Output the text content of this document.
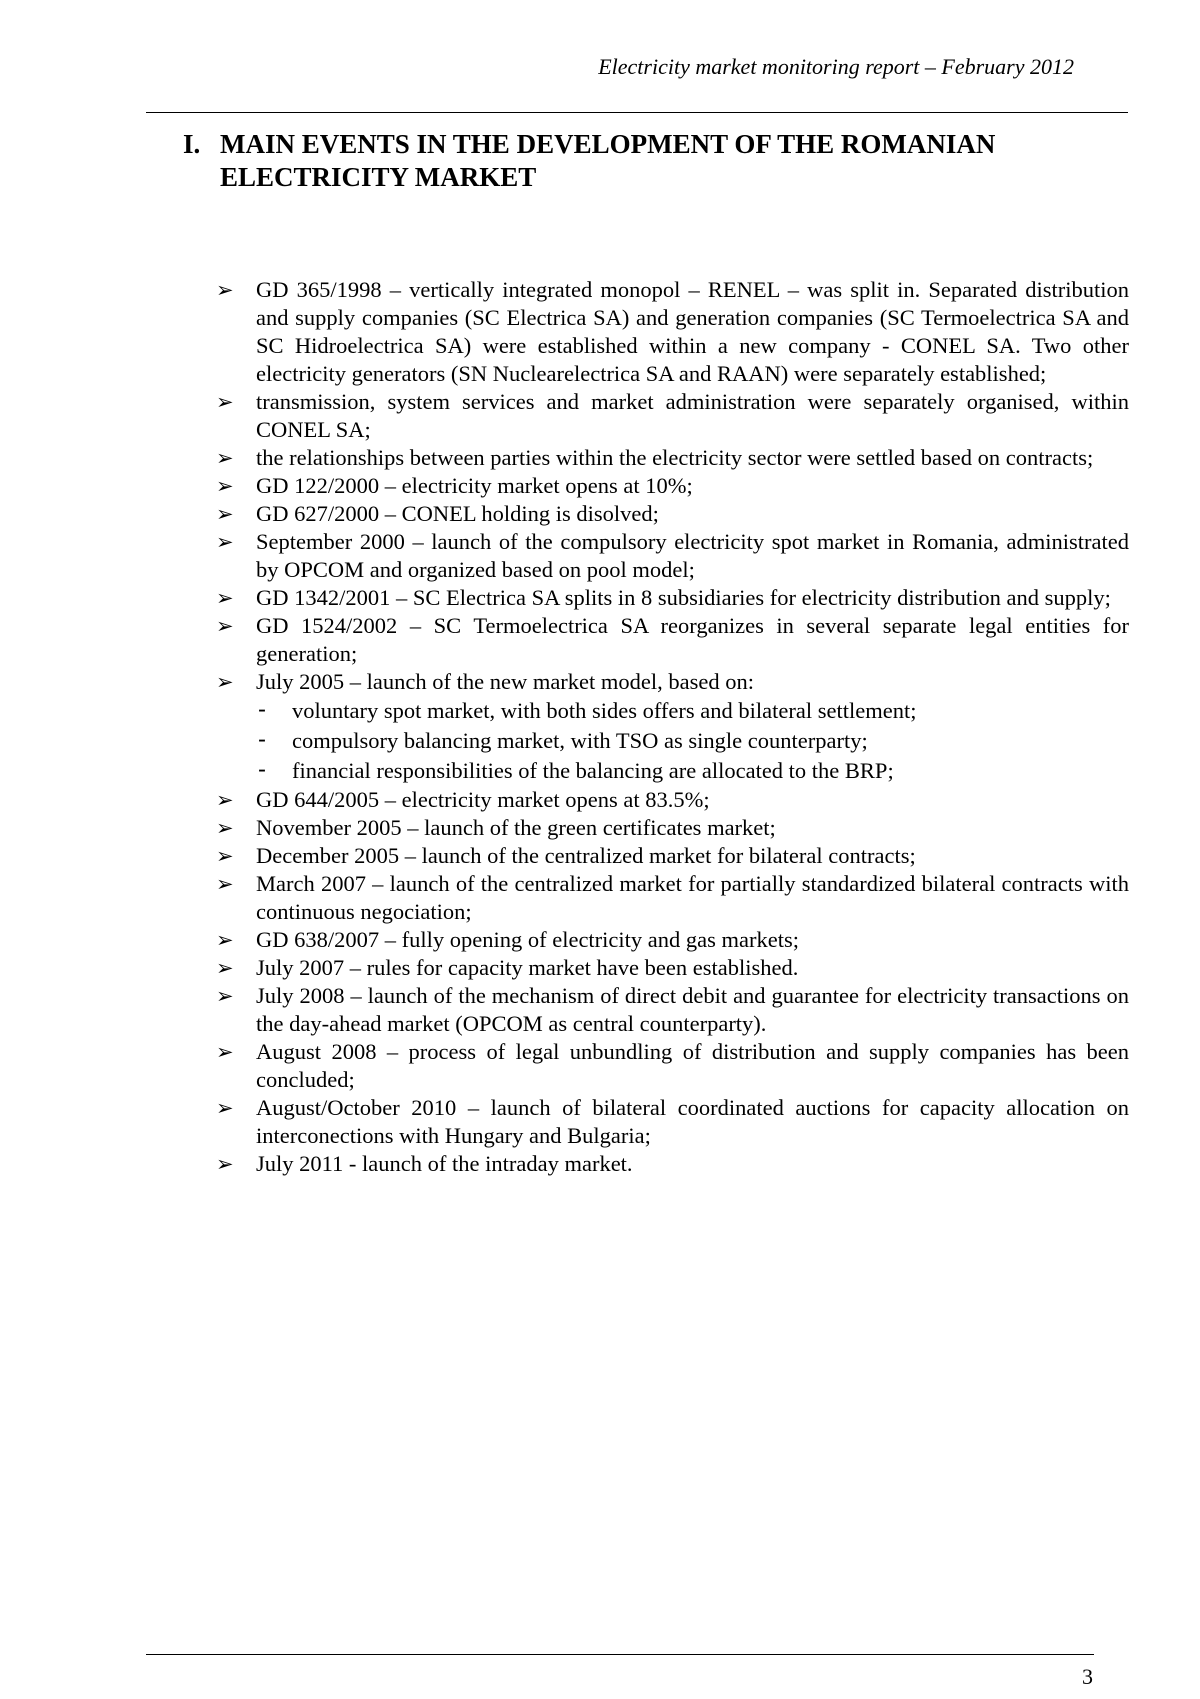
Electricity market monitoring report – February 2012
I. MAIN EVENTS IN THE DEVELOPMENT OF THE ROMANIAN ELECTRICITY MARKET
➢ GD 365/1998 – vertically integrated monopol – RENEL – was split in. Separated distribution and supply companies (SC Electrica SA) and generation companies (SC Termoelectrica SA and SC Hidroelectrica SA) were established within a new company - CONEL SA. Two other electricity generators (SN Nuclearelectrica SA and RAAN) were separately established;
➢ transmission, system services and market administration were separately organised, within CONEL SA;
➢ the relationships between parties within the electricity sector were settled based on contracts;
➢ GD 122/2000 – electricity market opens at 10%;
➢ GD 627/2000 – CONEL holding is disolved;
➢ September 2000 – launch of the compulsory electricity spot market in Romania, administrated by OPCOM and organized based on pool model;
➢ GD 1342/2001 – SC Electrica SA splits in 8 subsidiaries for electricity distribution and supply;
➢ GD 1524/2002 – SC Termoelectrica SA reorganizes in several separate legal entities for generation;
➢ July 2005 – launch of the new market model, based on:
- voluntary spot market, with both sides offers and bilateral settlement;
- compulsory balancing market, with TSO as single counterparty;
- financial responsibilities of the balancing are allocated to the BRP;
➢ GD 644/2005 – electricity market opens at 83.5%;
➢ November 2005 – launch of the green certificates market;
➢ December 2005 – launch of the centralized market for bilateral contracts;
➢ March 2007 – launch of the centralized market for partially standardized bilateral contracts with continuous negociation;
➢ GD 638/2007 – fully opening of electricity and gas markets;
➢ July 2007 – rules for capacity market have been established.
➢ July 2008 – launch of the mechanism of direct debit and guarantee for electricity transactions on the day-ahead market (OPCOM as central counterparty).
➢ August 2008 – process of legal unbundling of distribution and supply companies has been concluded;
➢ August/October 2010 – launch of bilateral coordinated auctions for capacity allocation on interconections with Hungary and Bulgaria;
➢ July 2011 - launch of the intraday market.
3
